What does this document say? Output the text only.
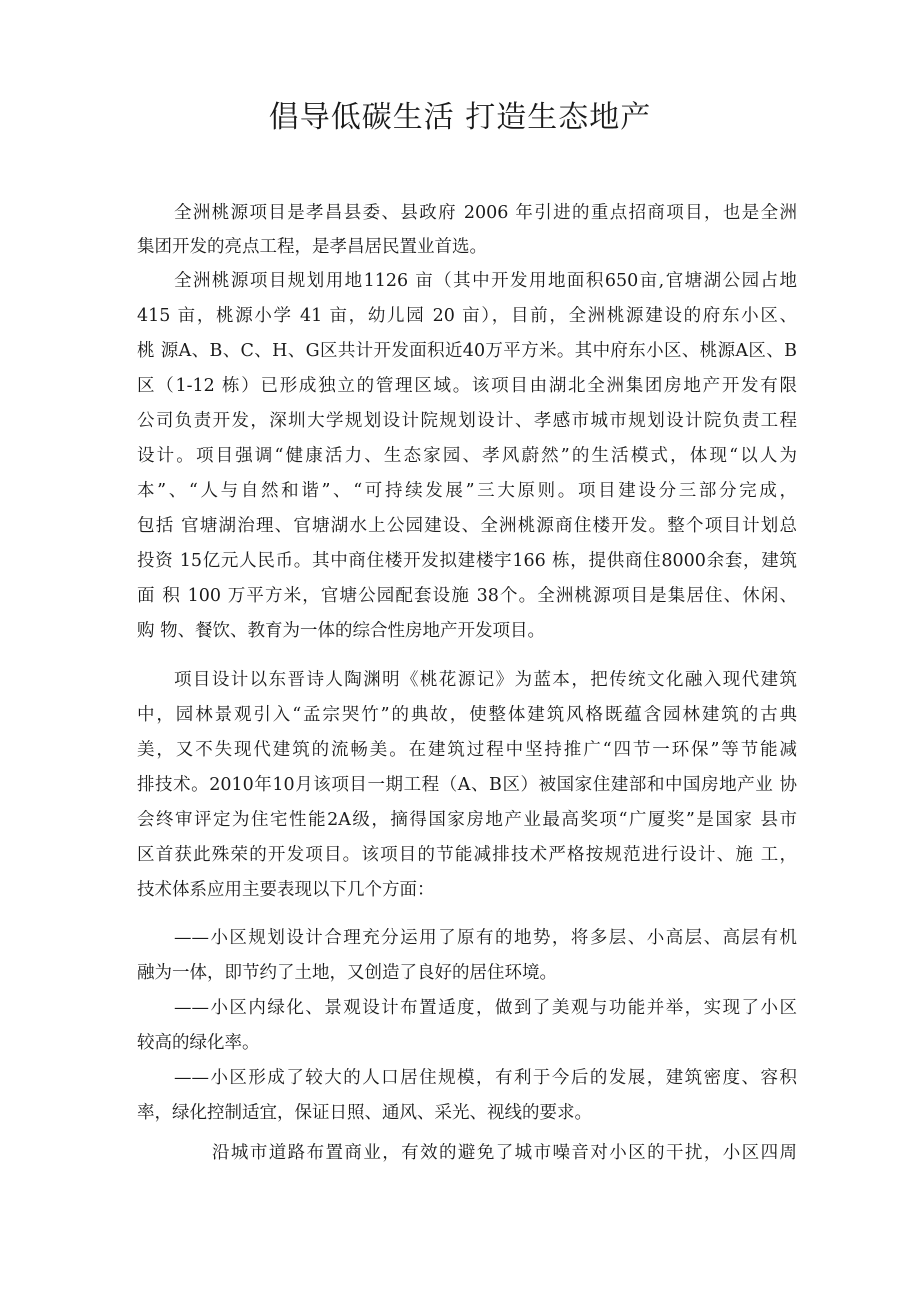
倡导低碳生活 打造生态地产

全洲桃源项目是孝昌县委、县政府 2006 年引进的重点招商项目，也是全洲

集团开发的亮点工程，是孝昌居民置业首选。

全洲桃源项目规划用地1126 亩（其中开发用地面积650亩,官塘湖公园占地

415 亩，桃源小学 41 亩，幼儿园 20 亩），目前，全洲桃源建设的府东小区、

桃 源A、B、C、H、G区共计开发面积近40万平方米。其中府东小区、桃源A区、B

区（1-12 栋）已形成独立的管理区域。该项目由湖北全洲集团房地产开发有限

公司负责开发，深圳大学规划设计院规划设计、孝感市城市规划设计院负责工程

设计。项目强调“健康活力、生态家园、孝风蔚然”的生活模式，体现“以人为

本”、“人与自然和谐”、“可持续发展”三大原则。项目建设分三部分完成，

包括 官塘湖治理、官塘湖水上公园建设、全洲桃源商住楼开发。整个项目计划总

投资 15亿元人民币。其中商住楼开发拟建楼宇166 栋，提供商住8000余套，建筑

面 积 100 万平方米，官塘公园配套设施 38个。全洲桃源项目是集居住、休闲、

购 物、餐饮、教育为一体的综合性房地产开发项目。

项目设计以东晋诗人陶渊明《桃花源记》为蓝本，把传统文化融入现代建筑

中，园林景观引入“孟宗哭竹”的典故，使整体建筑风格既蕴含园林建筑的古典

美，又不失现代建筑的流畅美。在建筑过程中坚持推广“四节一环保”等节能减

排技术。2010年10月该项目一期工程（A、B区）被国家住建部和中国房地产业 协

会终审评定为住宅性能2A级，摘得国家房地产业最高奖项“广厦奖”是国家 县市

区首获此殊荣的开发项目。该项目的节能减排技术严格按规范进行设计、施 工，

技术体系应用主要表现以下几个方面：

——小区规划设计合理充分运用了原有的地势，将多层、小高层、高层有机

融为一体，即节约了土地，又创造了良好的居住环境。

——小区内绿化、景观设计布置适度，做到了美观与功能并举，实现了小区

较高的绿化率。

——小区形成了较大的人口居住规模，有利于今后的发展，建筑密度、容积

率，绿化控制适宜，保证日照、通风、采光、视线的要求。

沿城市道路布置商业，有效的避免了城市噪音对小区的干扰，小区四周
